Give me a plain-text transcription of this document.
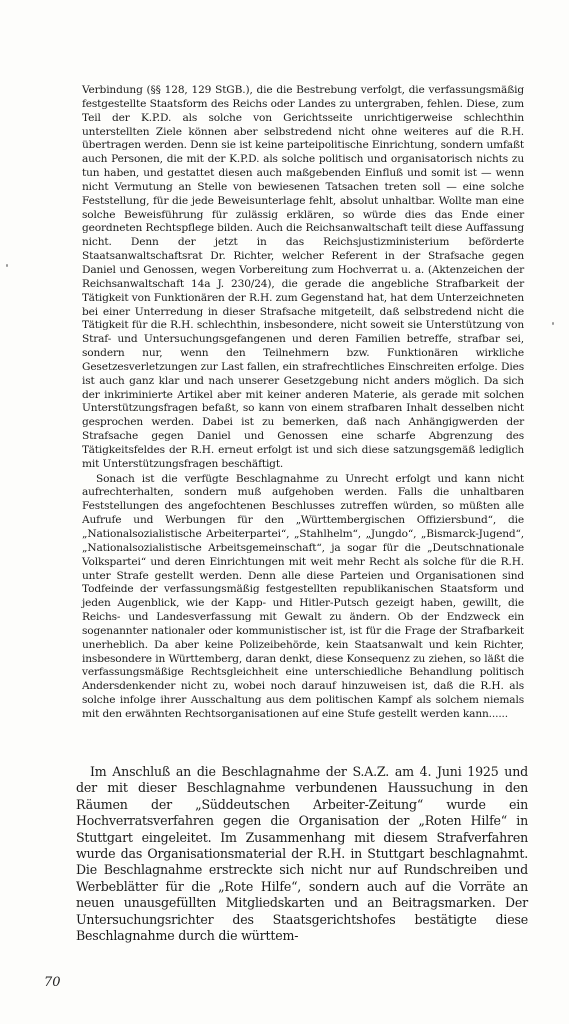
Verbindung (§§ 128, 129 StGB.), die die Bestrebung verfolgt, die verfassungsmäßig festgestellte Staatsform des Reichs oder Landes zu untergraben, fehlen. Diese, zum Teil der K.P.D. als solche von Gerichtsseite unrichtigerweise schlechthin unterstellten Ziele können aber selbstredend nicht ohne weiteres auf die R.H. übertragen werden. Denn sie ist keine parteipolitische Einrichtung, sondern umfaßt auch Personen, die mit der K.P.D. als solche politisch und organisatorisch nichts zu tun haben, und gestattet diesen auch maßgebenden Einfluß und somit ist — wenn nicht Vermutung an Stelle von bewiesenen Tatsachen treten soll — eine solche Feststellung, für die jede Beweisunterlage fehlt, absolut unhaltbar. Wollte man eine solche Beweisführung für zulässig erklären, so würde dies das Ende einer geordneten Rechtspflege bilden. Auch die Reichsanwaltschaft teilt diese Auffassung nicht. Denn der jetzt in das Reichsjustizministerium beförderte Staatsanwaltschaftsrat Dr. Richter, welcher Referent in der Strafsache gegen Daniel und Genossen, wegen Vorbereitung zum Hochverrat u. a. (Aktenzeichen der Reichsanwaltschaft 14a J. 230/24), die gerade die angebliche Strafbarkeit der Tätigkeit von Funktionären der R.H. zum Gegenstand hat, hat dem Unterzeichneten bei einer Unterredung in dieser Strafsache mitgeteilt, daß selbstredend nicht die Tätigkeit für die R.H. schlechthin, insbesondere, nicht soweit sie Unterstützung von Straf- und Untersuchungsgefangenen und deren Familien betreffe, strafbar sei, sondern nur, wenn den Teilnehmern bzw. Funktionären wirkliche Gesetzesverletzungen zur Last fallen, ein strafrechtliches Einschreiten erfolge. Dies ist auch ganz klar und nach unserer Gesetzgebung nicht anders möglich. Da sich der inkriminierte Artikel aber mit keiner anderen Materie, als gerade mit solchen Unterstützungsfragen befaßt, so kann von einem strafbaren Inhalt desselben nicht gesprochen werden. Dabei ist zu bemerken, daß nach Anhängigwerden der Strafsache gegen Daniel und Genossen eine scharfe Abgrenzung des Tätigkeitsfeldes der R.H. erneut erfolgt ist und sich diese satzungsgemäß lediglich mit Unterstützungsfragen beschäftigt.

Sonach ist die verfügte Beschlagnahme zu Unrecht erfolgt und kann nicht aufrechterhalten, sondern muß aufgehoben werden. Falls die unhaltbaren Feststellungen des angefochtenen Beschlusses zutreffen würden, so müßten alle Aufrufe und Werbungen für den „Württembergischen Offiziersbund“, die „Nationalsozialistische Arbeiterpartei“, „Stahlhelm“, „Jungdo“, „Bismarck-Jugend“, „Nationalsozialistische Arbeitsgemeinschaft“, ja sogar für die „Deutschnationale Volkspartei“ und deren Einrichtungen mit weit mehr Recht als solche für die R.H. unter Strafe gestellt werden. Denn alle diese Parteien und Organisationen sind Todfeinde der verfassungsmäßig festgestellten republikanischen Staatsform und jeden Augenblick, wie der Kapp- und Hitler-Putsch gezeigt haben, gewillt, die Reichs- und Landesverfassung mit Gewalt zu ändern. Ob der Endzweck ein sogenannter nationaler oder kommunistischer ist, ist für die Frage der Strafbarkeit unerheblich. Da aber keine Polizeibehörde, kein Staatsanwalt und kein Richter, insbesondere in Württemberg, daran denkt, diese Konsequenz zu ziehen, so läßt die verfassungsmäßige Rechtsgleichheit eine unterschiedliche Behandlung politisch Andersdenkender nicht zu, wobei noch darauf hinzuweisen ist, daß die R.H. als solche infolge ihrer Ausschaltung aus dem politischen Kampf als solchem niemals mit den erwähnten Rechtsorganisationen auf eine Stufe gestellt werden kann......

Im Anschluß an die Beschlagnahme der S.A.Z. am 4. Juni 1925 und der mit dieser Beschlagnahme verbundenen Haussuchung in den Räumen der „Süddeutschen Arbeiter-Zeitung“ wurde ein Hochverratsverfahren gegen die Organisation der „Roten Hilfe“ in Stuttgart eingeleitet. Im Zusammenhang mit diesem Strafverfahren wurde das Organisationsmaterial der R.H. in Stuttgart beschlagnahmt. Die Beschlagnahme erstreckte sich nicht nur auf Rundschreiben und Werbeblätter für die „Rote Hilfe“, sondern auch auf die Vorräte an neuen unausgefüllten Mitgliedskarten und an Beitragsmarken. Der Untersuchungsrichter des Staatsgerichtshofes bestätigte diese Beschlagnahme durch die württem-

70
